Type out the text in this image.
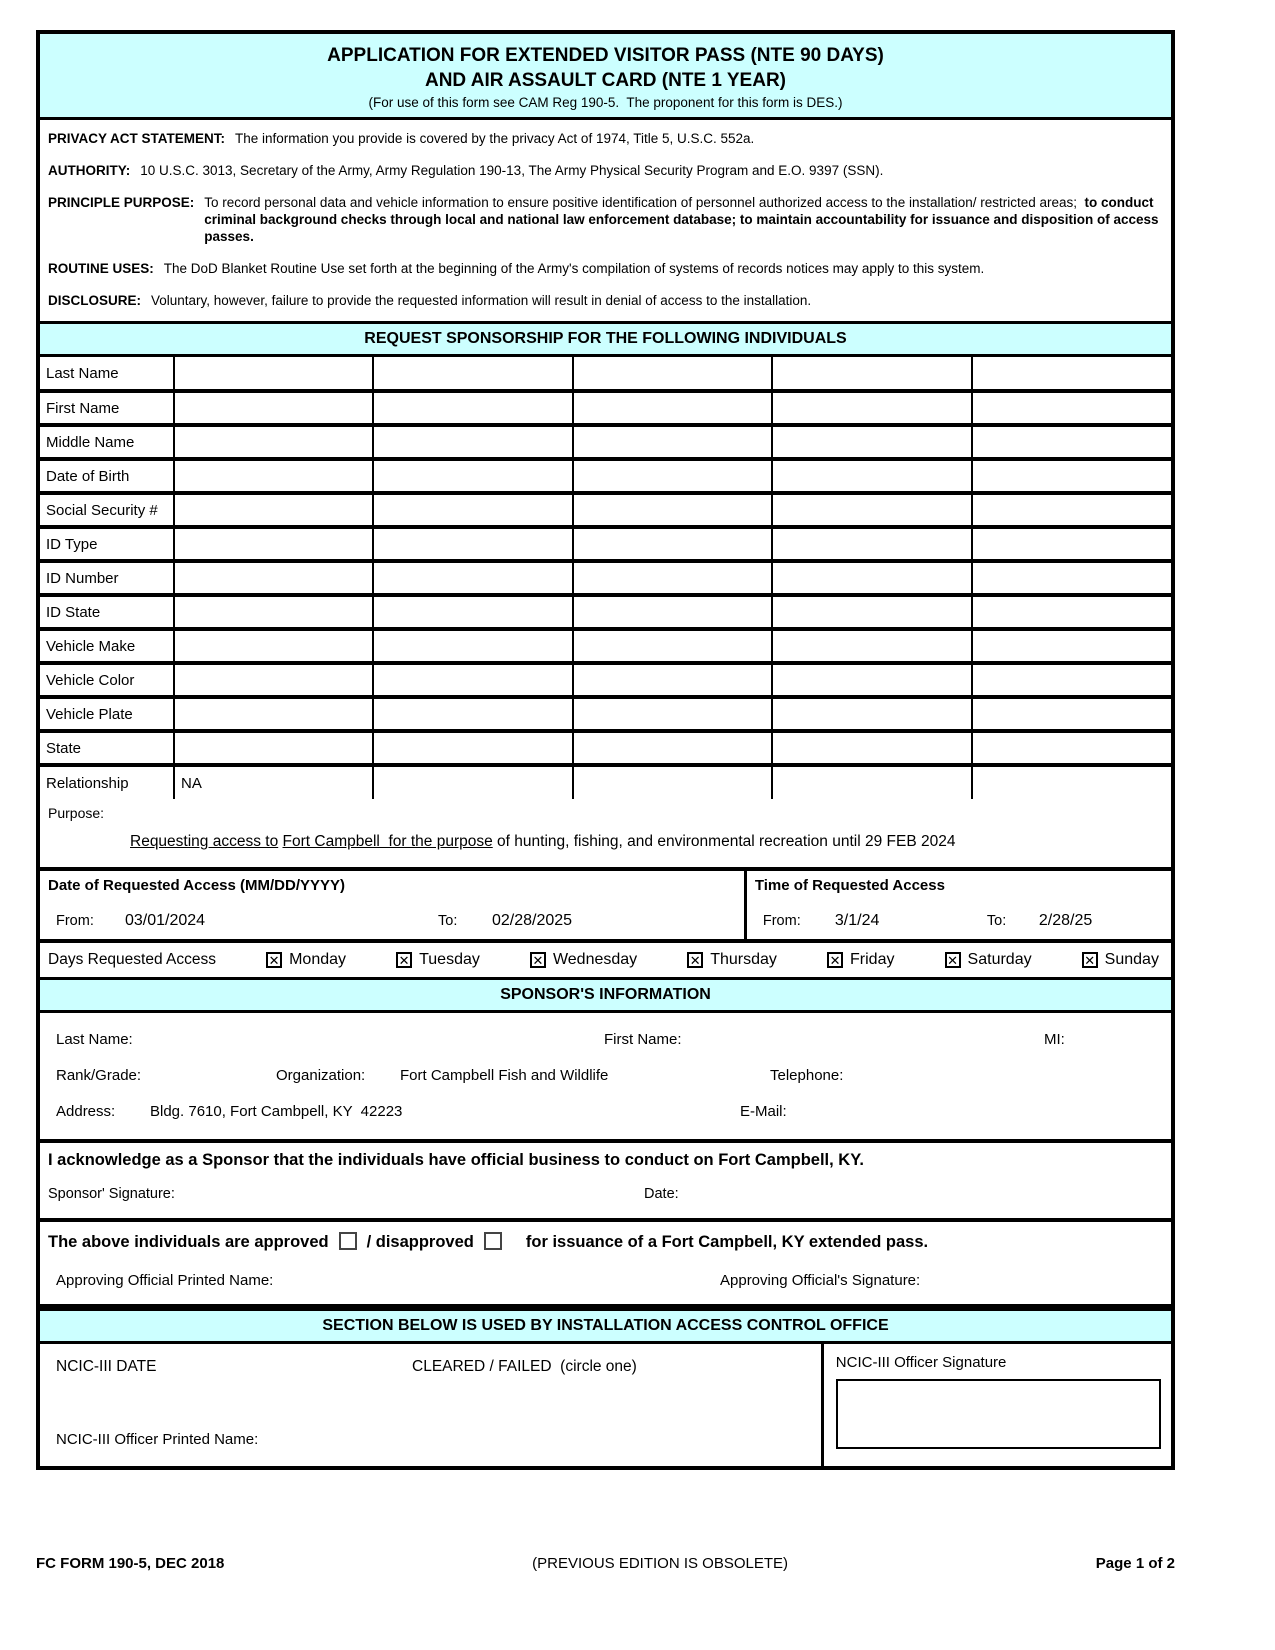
APPLICATION FOR EXTENDED VISITOR PASS (NTE 90 DAYS)
AND AIR ASSAULT CARD (NTE 1 YEAR)
(For use of this form see CAM Reg 190-5.  The proponent for this form is DES.)
PRIVACY ACT STATEMENT: The information you provide is covered by the privacy Act of 1974, Title 5, U.S.C. 552a.
AUTHORITY: 10 U.S.C. 3013, Secretary of the Army, Army Regulation 190-13, The Army Physical Security Program and E.O. 9397 (SSN).
PRINCIPLE PURPOSE: To record personal data and vehicle information to ensure positive identification of personnel authorized access to the installation/ restricted areas;  to conduct criminal background checks through local and national law enforcement database; to maintain accountability for issuance and disposition of access passes.
ROUTINE USES: The DoD Blanket Routine Use set forth at the beginning of the Army's compilation of systems of records notices may apply to this system.
DISCLOSURE: Voluntary, however, failure to provide the requested information will result in denial of access to the installation.
REQUEST SPONSORSHIP FOR THE FOLLOWING INDIVIDUALS
Last Name					
First Name					
Middle Name					
Date of Birth					
Social Security #					
ID Type					
ID Number					
ID State					
Vehicle Make					
Vehicle Color					
Vehicle Plate					
State					
Relationship	NA				
Purpose:
Requesting access to Fort Campbell  for the purpose of hunting, fishing, and environmental recreation until 29 FEB 2024
Date of Requested Access (MM/DD/YYYY)
From: 03/01/2024	To: 02/28/2025
Time of Requested Access
From: 3/1/24	To: 2/28/25
Days Requested Access	✕ Monday	✕ Tuesday	✕ Wednesday	✕ Thursday	✕ Friday	✕ Saturday	✕ Sunday
SPONSOR'S INFORMATION
Last Name:	First Name:	MI:
Rank/Grade:	Organization: Fort Campbell Fish and Wildlife	Telephone:
Address: Bldg. 7610, Fort Cambpell, KY  42223	E-Mail:
I acknowledge as a Sponsor that the individuals have official business to conduct on Fort Campbell, KY.
Sponsor' Signature:	Date:
The above individuals are approved / disapproved	for issuance of a Fort Campbell, KY extended pass.
Approving Official Printed Name:	Approving Official's Signature:
SECTION BELOW IS USED BY INSTALLATION ACCESS CONTROL OFFICE
NCIC-III DATE	CLEARED / FAILED (circle one)
NCIC-III Officer Printed Name:
NCIC-III Officer Signature
FC FORM 190-5, DEC 2018	(PREVIOUS EDITION IS OBSOLETE)	Page 1 of 2
